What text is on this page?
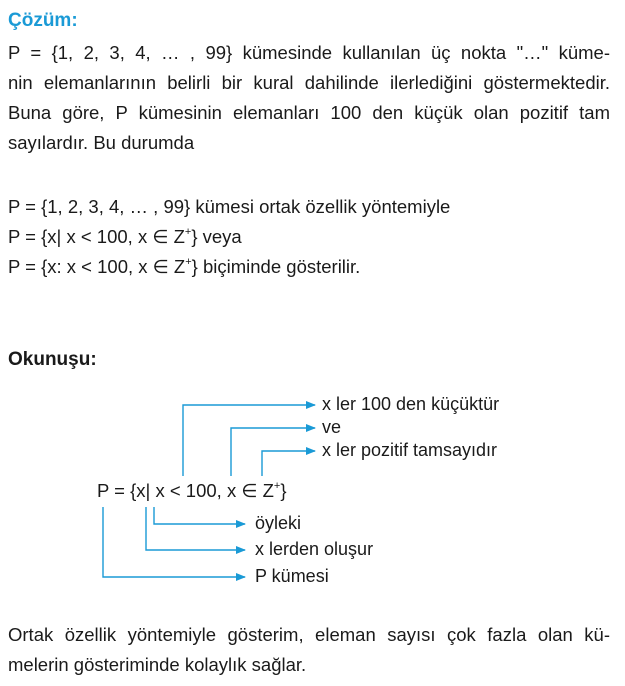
Çözüm:
P = {1, 2, 3, 4, … , 99} kümesinde kullanılan üç nokta "…" küme-
nin elemanlarının belirli bir kural dahilinde ilerlediğini göstermektedir.
Buna göre, P kümesinin elemanları 100 den küçük olan pozitif tam
sayılardır. Bu durumda
P = {1, 2, 3, 4, … , 99} kümesi ortak özellik yöntemiyle
P = {x| x < 100, x ∈ Z+} veya
P = {x: x < 100, x ∈ Z+} biçiminde gösterilir.
Okunuşu:
P = {x| x < 100, x ∈ Z+}
x ler 100 den küçüktür
ve
x ler pozitif tamsayıdır
öyleki
x lerden oluşur
P kümesi
Ortak özellik yöntemiyle gösterim, eleman sayısı çok fazla olan kü-
melerin gösteriminde kolaylık sağlar.
